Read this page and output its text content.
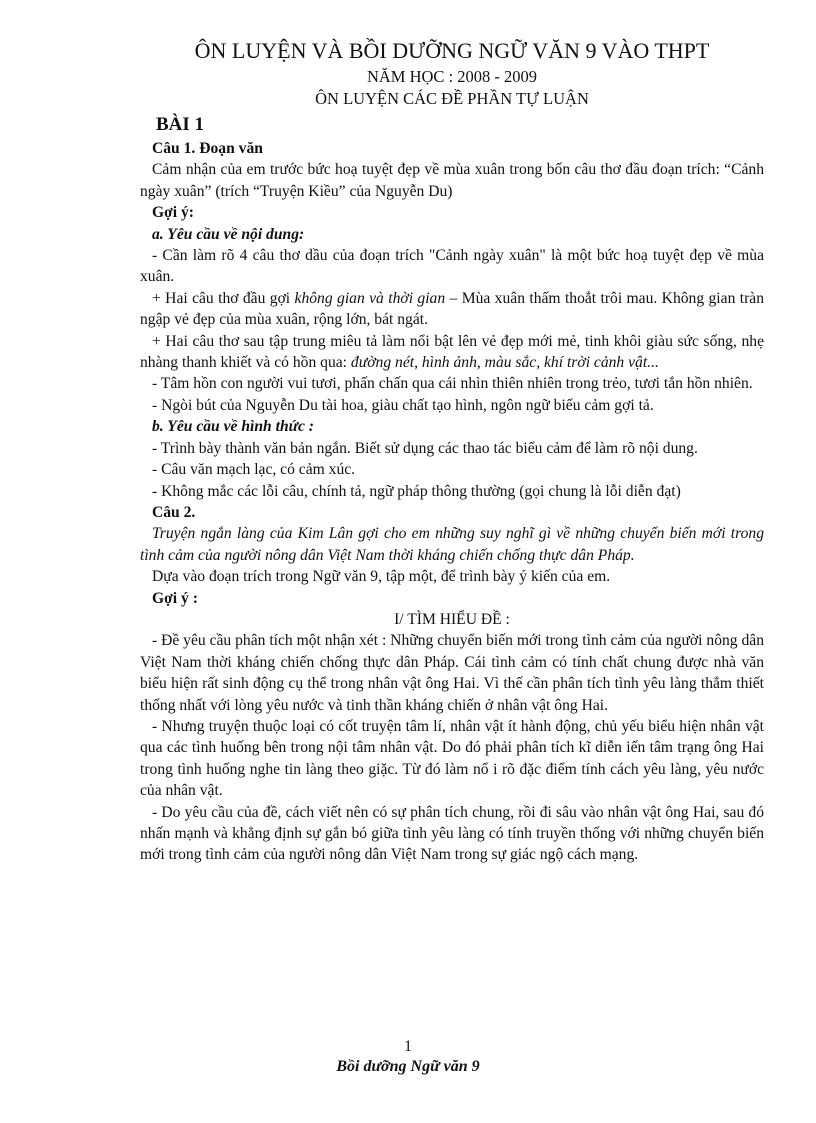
ÔN LUYỆN VÀ BỒI DƯỠNG NGỮ VĂN 9 VÀO THPT
NĂM HỌC : 2008 - 2009
ÔN LUYỆN CÁC ĐỀ PHẦN TỰ LUẬN
BÀI 1

Câu 1. Đoạn văn

Cảm nhận của em trước bức hoạ tuyệt đẹp về mùa xuân trong bốn câu thơ đầu đoạn trích: “Cảnh ngày xuân” (trích “Truyện Kiều” của Nguyễn Du)

Gợi ý:

a. Yêu cầu về nội dung:

- Cần làm rõ 4 câu thơ dầu của đoạn trích "Cảnh ngày xuân" là một bức hoạ tuyệt đẹp về mùa xuân.

+ Hai câu thơ đầu gợi không gian và thời gian – Mùa xuân thấm thoắt trôi mau. Không gian tràn ngập vẻ đẹp của mùa xuân, rộng lớn, bát ngát.

+ Hai câu thơ sau tập trung miêu tả làm nổi bật lên vẻ đẹp mới mẻ, tinh khôi giàu sức sống, nhẹ nhàng thanh khiết và có hồn qua: đường nét, hình ảnh, màu sắc, khí trời cảnh vật...

- Tâm hồn con người vui tươi, phấn chấn qua cái nhìn thiên nhiên trong trẻo, tươi tắn hồn nhiên.

- Ngòi bút của Nguyễn Du tài hoa, giàu chất tạo hình, ngôn ngữ biểu cảm gợi tả.

b. Yêu cầu về hình thức :

- Trình bày thành văn bản ngắn. Biết sử dụng các thao tác biểu cảm để làm rõ nội dung.

- Câu văn mạch lạc, có cảm xúc.

- Không mắc các lỗi câu, chính tả, ngữ pháp thông thường (gọi chung là lỗi diễn đạt)

Câu 2.

Truyện ngắn làng của Kim Lân gợi cho em những suy nghĩ gì về những chuyển biến mới trong tình cảm của người nông dân Việt Nam thời kháng chiến chống thực dân Pháp.

Dựa vào đoạn trích trong Ngữ văn 9, tập một, để trình bày ý kiến của em.

Gợi ý :

I/ TÌM HIỂU ĐỀ :

- Đề yêu cầu phân tích một nhận xét : Những chuyển biến mới trong tình cảm của người nông dân Việt Nam thời kháng chiến chống thực dân Pháp. Cái tình cảm có tính chất chung được nhà văn biểu hiện rất sinh động cụ thể trong nhân vật ông Hai. Vì thế cần phân tích tình yêu làng thắm thiết thống nhất với lòng yêu nước và tinh thần kháng chiến ở nhân vật ông Hai.

- Nhưng truyện thuộc loại có cốt truyện tâm lí, nhân vật ít hành động, chủ yếu biểu hiện nhân vật qua các tình huống bên trong nội tâm nhân vật. Do đó phải phân tích kĩ diễn iến tâm trạng ông Hai trong tình huống nghe tin làng theo giặc. Từ đó làm nổ i rõ đặc điểm tính cách yêu làng, yêu nước của nhân vật.

- Do yêu cầu của đề, cách viết nên có sự phân tích chung, rồi đi sâu vào nhân vật ông Hai, sau đó nhấn mạnh và khẳng định sự gắn bó giữa tình yêu làng có tính truyền thống với những chuyển biến mới trong tình cảm của người nông dân Việt Nam trong sự giác ngộ cách mạng.

1
Bồi dưỡng Ngữ văn 9
